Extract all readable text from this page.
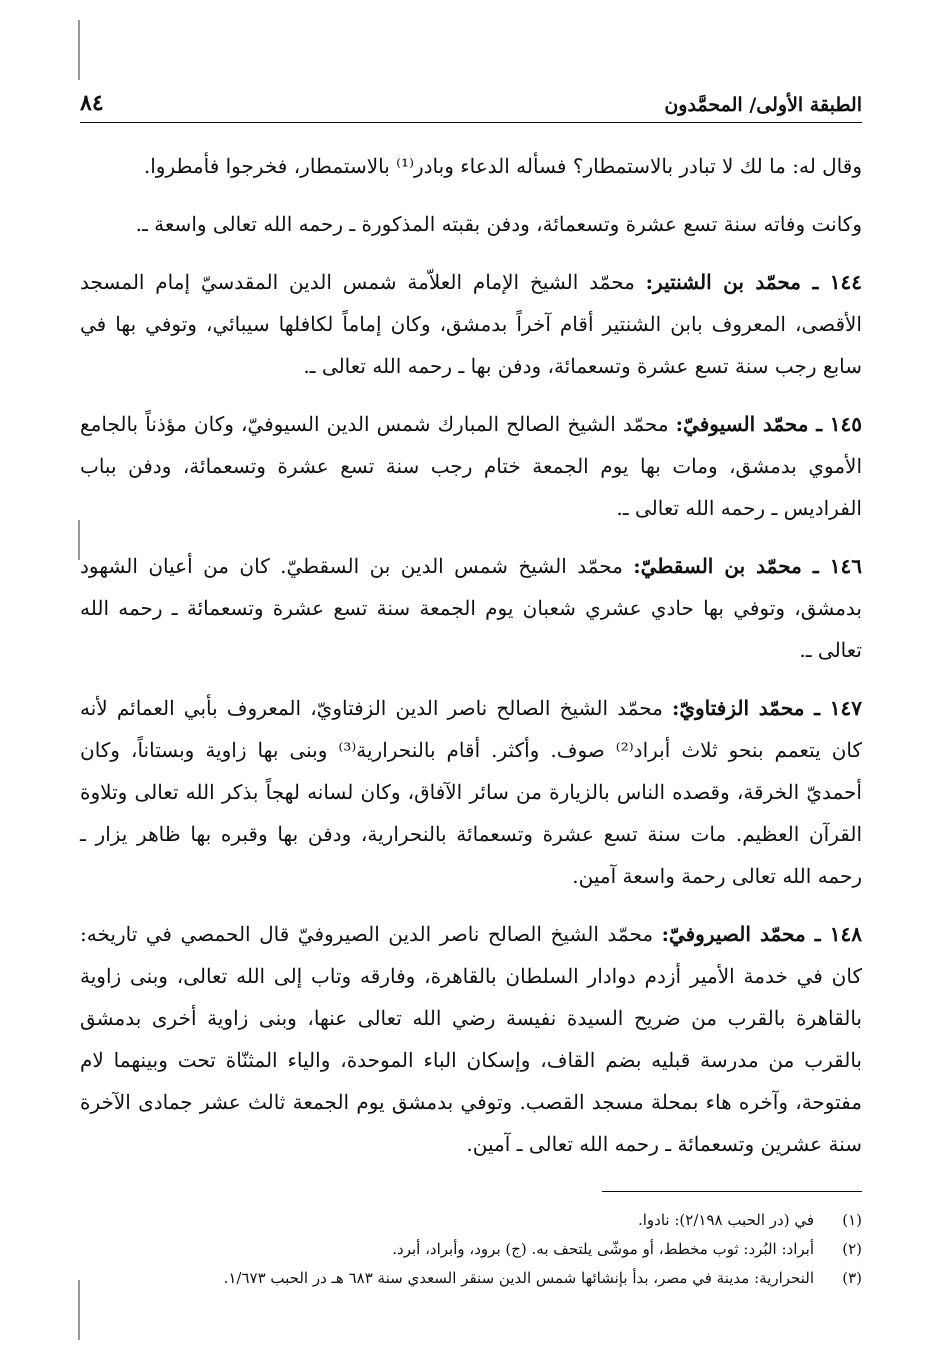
الطبقة الأولى/ المحمَّدون
٨٤

وقال له: ما لك لا تبادر بالاستمطار؟ فسأله الدعاء وبادر⁽¹⁾ بالاستمطار، فخرجوا فأمطروا.

وكانت وفاته سنة تسع عشرة وتسعمائة، ودفن بقبته المذكورة ـ رحمه الله تعالى واسعة ـ.

١٤٤ ـ محمّد بن الشنتير: محمّد الشيخ الإمام العلاّمة شمس الدين المقدسيّ إمام المسجد الأقصى، المعروف بابن الشنتير أقام آخراً بدمشق، وكان إماماً لكافلها سيبائي، وتوفي بها في سابع رجب سنة تسع عشرة وتسعمائة، ودفن بها ـ رحمه الله تعالى ـ.

١٤٥ ـ محمّد السيوفيّ: محمّد الشيخ الصالح المبارك شمس الدين السيوفيّ، وكان مؤذناً بالجامع الأموي بدمشق، ومات بها يوم الجمعة ختام رجب سنة تسع عشرة وتسعمائة، ودفن بباب الفراديس ـ رحمه الله تعالى ـ.

١٤٦ ـ محمّد بن السقطيّ: محمّد الشيخ شمس الدين بن السقطيّ. كان من أعيان الشهود بدمشق، وتوفي بها حادي عشري شعبان يوم الجمعة سنة تسع عشرة وتسعمائة ـ رحمه الله تعالى ـ.

١٤٧ ـ محمّد الزفتاويّ: محمّد الشيخ الصالح ناصر الدين الزفتاويّ، المعروف بأبي العمائم لأنه كان يتعمم بنحو ثلاث أبراد⁽²⁾ صوف. وأكثر. أقام بالنحرارية⁽³⁾ وبنى بها زاوية وبستاناً، وكان أحمديّ الخرقة، وقصده الناس بالزيارة من سائر الآفاق، وكان لسانه لهجاً بذكر الله تعالى وتلاوة القرآن العظيم. مات سنة تسع عشرة وتسعمائة بالنحرارية، ودفن بها وقبره بها ظاهر يزار ـ رحمه الله تعالى رحمة واسعة آمين.

١٤٨ ـ محمّد الصيروفيّ: محمّد الشيخ الصالح ناصر الدين الصيروفيّ قال الحمصي في تاريخه: كان في خدمة الأمير أزدم دوادار السلطان بالقاهرة، وفارقه وتاب إلى الله تعالى، وبنى زاوية بالقاهرة بالقرب من ضريح السيدة نفيسة رضي الله تعالى عنها، وبنى زاوية أخرى بدمشق بالقرب من مدرسة قبليه بضم القاف، وإسكان الباء الموحدة، والياء المثنّاة تحت وبينهما لام مفتوحة، وآخره هاء بمحلة مسجد القصب. وتوفي بدمشق يوم الجمعة ثالث عشر جمادى الآخرة سنة عشرين وتسعمائة ـ رحمه الله تعالى ـ آمين.

(١)
في (در الحبب ٢/١٩٨): نادوا.
(٢)
أبراد: البُرد: ثوب مخطط، أو موشّى يلتحف به. (ج) برود، وأبراد، أبرد.
(٣)
النحرارية: مدينة في مصر، بدأ بإنشائها شمس الدين سنقر السعدي سنة ٦٨٣ هـ در الحبب ١/٦٧٣.
